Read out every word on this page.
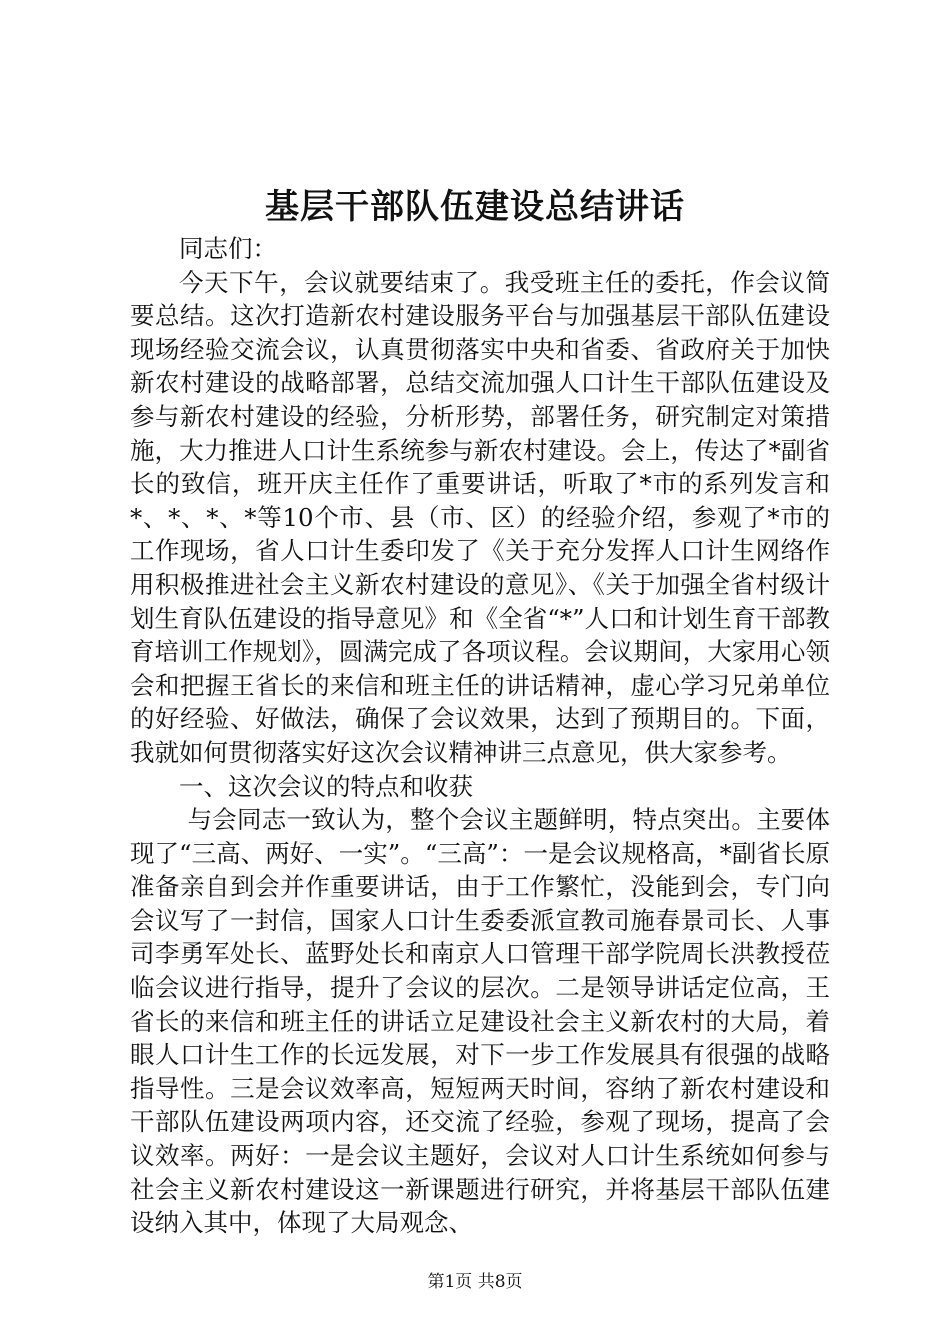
基层干部队伍建设总结讲话

同志们：

今天下午，会议就要结束了。我受班主任的委托，作会议简要总结。这次打造新农村建设服务平台与加强基层干部队伍建设现场经验交流会议，认真贯彻落实中央和省委、省政府关于加快新农村建设的战略部署，总结交流加强人口计生干部队伍建设及参与新农村建设的经验，分析形势，部署任务，研究制定对策措施，大力推进人口计生系统参与新农村建设。会上，传达了*副省长的致信，班开庆主任作了重要讲话，听取了*市的系列发言和*、*、*、*等10个市、县（市、区）的经验介绍，参观了*市的工作现场，省人口计生委印发了《关于充分发挥人口计生网络作用积极推进社会主义新农村建设的意见》、《关于加强全省村级计划生育队伍建设的指导意见》和《全省“*”人口和计划生育干部教育培训工作规划》，圆满完成了各项议程。会议期间，大家用心领会和把握王省长的来信和班主任的讲话精神，虚心学习兄弟单位的好经验、好做法，确保了会议效果，达到了预期目的。下面，我就如何贯彻落实好这次会议精神讲三点意见，供大家参考。

一、这次会议的特点和收获

与会同志一致认为，整个会议主题鲜明，特点突出。主要体现了“三高、两好、一实”。“三高”：一是会议规格高，*副省长原准备亲自到会并作重要讲话，由于工作繁忙，没能到会，专门向会议写了一封信，国家人口计生委委派宣教司施春景司长、人事司李勇军处长、蓝野处长和南京人口管理干部学院周长洪教授莅临会议进行指导，提升了会议的层次。二是领导讲话定位高，王省长的来信和班主任的讲话立足建设社会主义新农村的大局，着眼人口计生工作的长远发展，对下一步工作发展具有很强的战略指导性。三是会议效率高，短短两天时间，容纳了新农村建设和干部队伍建设两项内容，还交流了经验，参观了现场，提高了会议效率。两好：一是会议主题好，会议对人口计生系统如何参与社会主义新农村建设这一新课题进行研究，并将基层干部队伍建设纳入其中，体现了大局观念、

第1页 共8页
